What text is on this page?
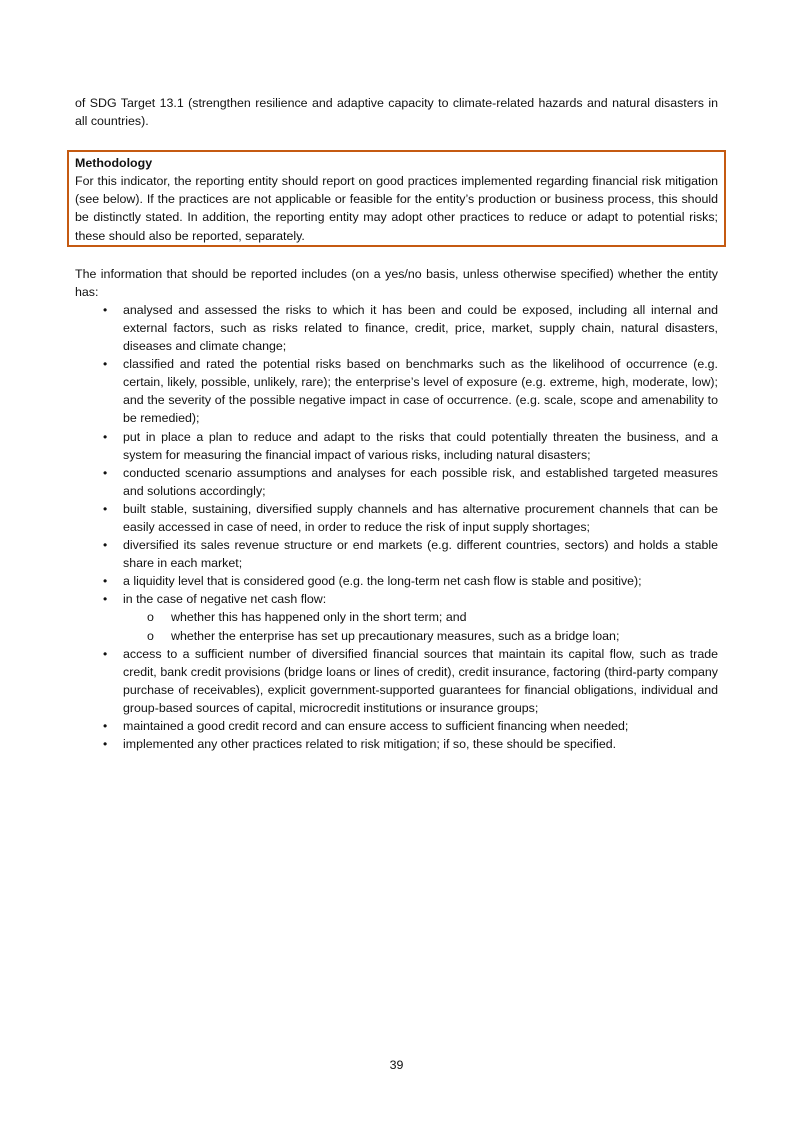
of SDG Target 13.1 (strengthen resilience and adaptive capacity to climate-related hazards and natural disasters in all countries).

Methodology

For this indicator, the reporting entity should report on good practices implemented regarding financial risk mitigation (see below). If the practices are not applicable or feasible for the entity’s production or business process, this should be distinctly stated. In addition, the reporting entity may adopt other practices to reduce or adapt to potential risks; these should also be reported, separately.

The information that should be reported includes (on a yes/no basis, unless otherwise specified) whether the entity has:

• analysed and assessed the risks to which it has been and could be exposed, including all internal and external factors, such as risks related to finance, credit, price, market, supply chain, natural disasters, diseases and climate change;
• classified and rated the potential risks based on benchmarks such as the likelihood of occurrence (e.g. certain, likely, possible, unlikely, rare); the enterprise’s level of exposure (e.g. extreme, high, moderate, low); and the severity of the possible negative impact in case of occurrence. (e.g. scale, scope and amenability to be remedied);
• put in place a plan to reduce and adapt to the risks that could potentially threaten the business, and a system for measuring the financial impact of various risks, including natural disasters;
• conducted scenario assumptions and analyses for each possible risk, and established targeted measures and solutions accordingly;
• built stable, sustaining, diversified supply channels and has alternative procurement channels that can be easily accessed in case of need, in order to reduce the risk of input supply shortages;
• diversified its sales revenue structure or end markets (e.g. different countries, sectors) and holds a stable share in each market;
• a liquidity level that is considered good (e.g. the long-term net cash flow is stable and positive);
• in the case of negative net cash flow:
o whether this has happened only in the short term; and
o whether the enterprise has set up precautionary measures, such as a bridge loan;
• access to a sufficient number of diversified financial sources that maintain its capital flow, such as trade credit, bank credit provisions (bridge loans or lines of credit), credit insurance, factoring (third-party company purchase of receivables), explicit government-supported guarantees for financial obligations, individual and group-based sources of capital, microcredit institutions or insurance groups;
• maintained a good credit record and can ensure access to sufficient financing when needed;
• implemented any other practices related to risk mitigation; if so, these should be specified.
39
